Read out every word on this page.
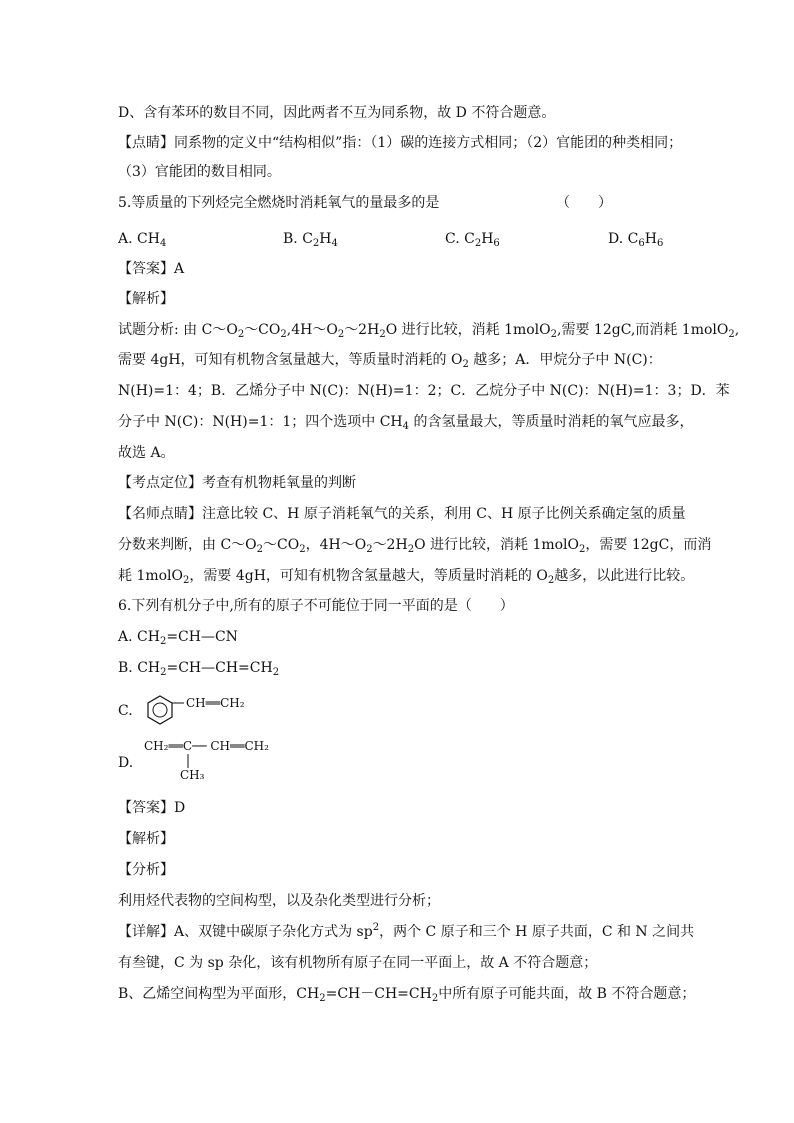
D、含有苯环的数目不同，因此两者不互为同系物，故 D 不符合题意。
【点睛】同系物的定义中“结构相似”指：（1）碳的连接方式相同；（2）官能团的种类相同；
（3）官能团的数目相同。
5.等质量的下列烃完全燃烧时消耗氧气的量最多的是	（　　）
A. $CH_4$	B. $C_2H_4$	C. $C_2H_6$	D. $C_6H_6$
【答案】A
【解析】
试题分析: 由 $C\sim O_2\sim CO_2,4H\sim O_2\sim 2H_2O$ 进行比较，消耗 1molO$_2$,需要 12gC,而消耗 1molO$_2$,
需要 4gH，可知有机物含氢量越大，等质量时消耗的 $O_2$ 越多；A．甲烷分子中 N(C)：
N(H)=1：4；B．乙烯分子中 N(C)：N(H)=1：2；C．乙烷分子中 N(C)：N(H)=1：3；D．苯
分子中 N(C)：N(H)=1：1；四个选项中 $CH_4$ 的含氢量最大，等质量时消耗的氧气应最多，
故选 A。
【考点定位】考查有机物耗氧量的判断
【名师点睛】注意比较 C、H 原子消耗氧气的关系，利用 C、H 原子比例关系确定氢的质量
分数来判断，由 $C\sim O_2\sim CO_2$，$4H\sim O_2\sim 2H_2O$ 进行比较，消耗 1molO$_2$，需要 12gC，而消
耗 1molO$_2$，需要 4gH，可知有机物含氢量越大，等质量时消耗的 $O_2$越多，以此进行比较。
6.下列有机分子中,所有的原子不可能位于同一平面的是（　　）
A. $CH_2=CH—CN$
B. $CH_2=CH—CH=CH_2$
C.	CH══CH₂
D.
CH₂══C── CH══CH₂
CH₃
【答案】D
【解析】
【分析】
利用烃代表物的空间构型，以及杂化类型进行分析；
【详解】A、双键中碳原子杂化方式为 $sp^2$，两个 C 原子和三个 H 原子共面，C 和 N 之间共
有叁键，C 为 sp 杂化，该有机物所有原子在同一平面上，故 A 不符合题意；
B、乙烯空间构型为平面形，$CH_2=CH-CH=CH_2$中所有原子可能共面，故 B 不符合题意；
